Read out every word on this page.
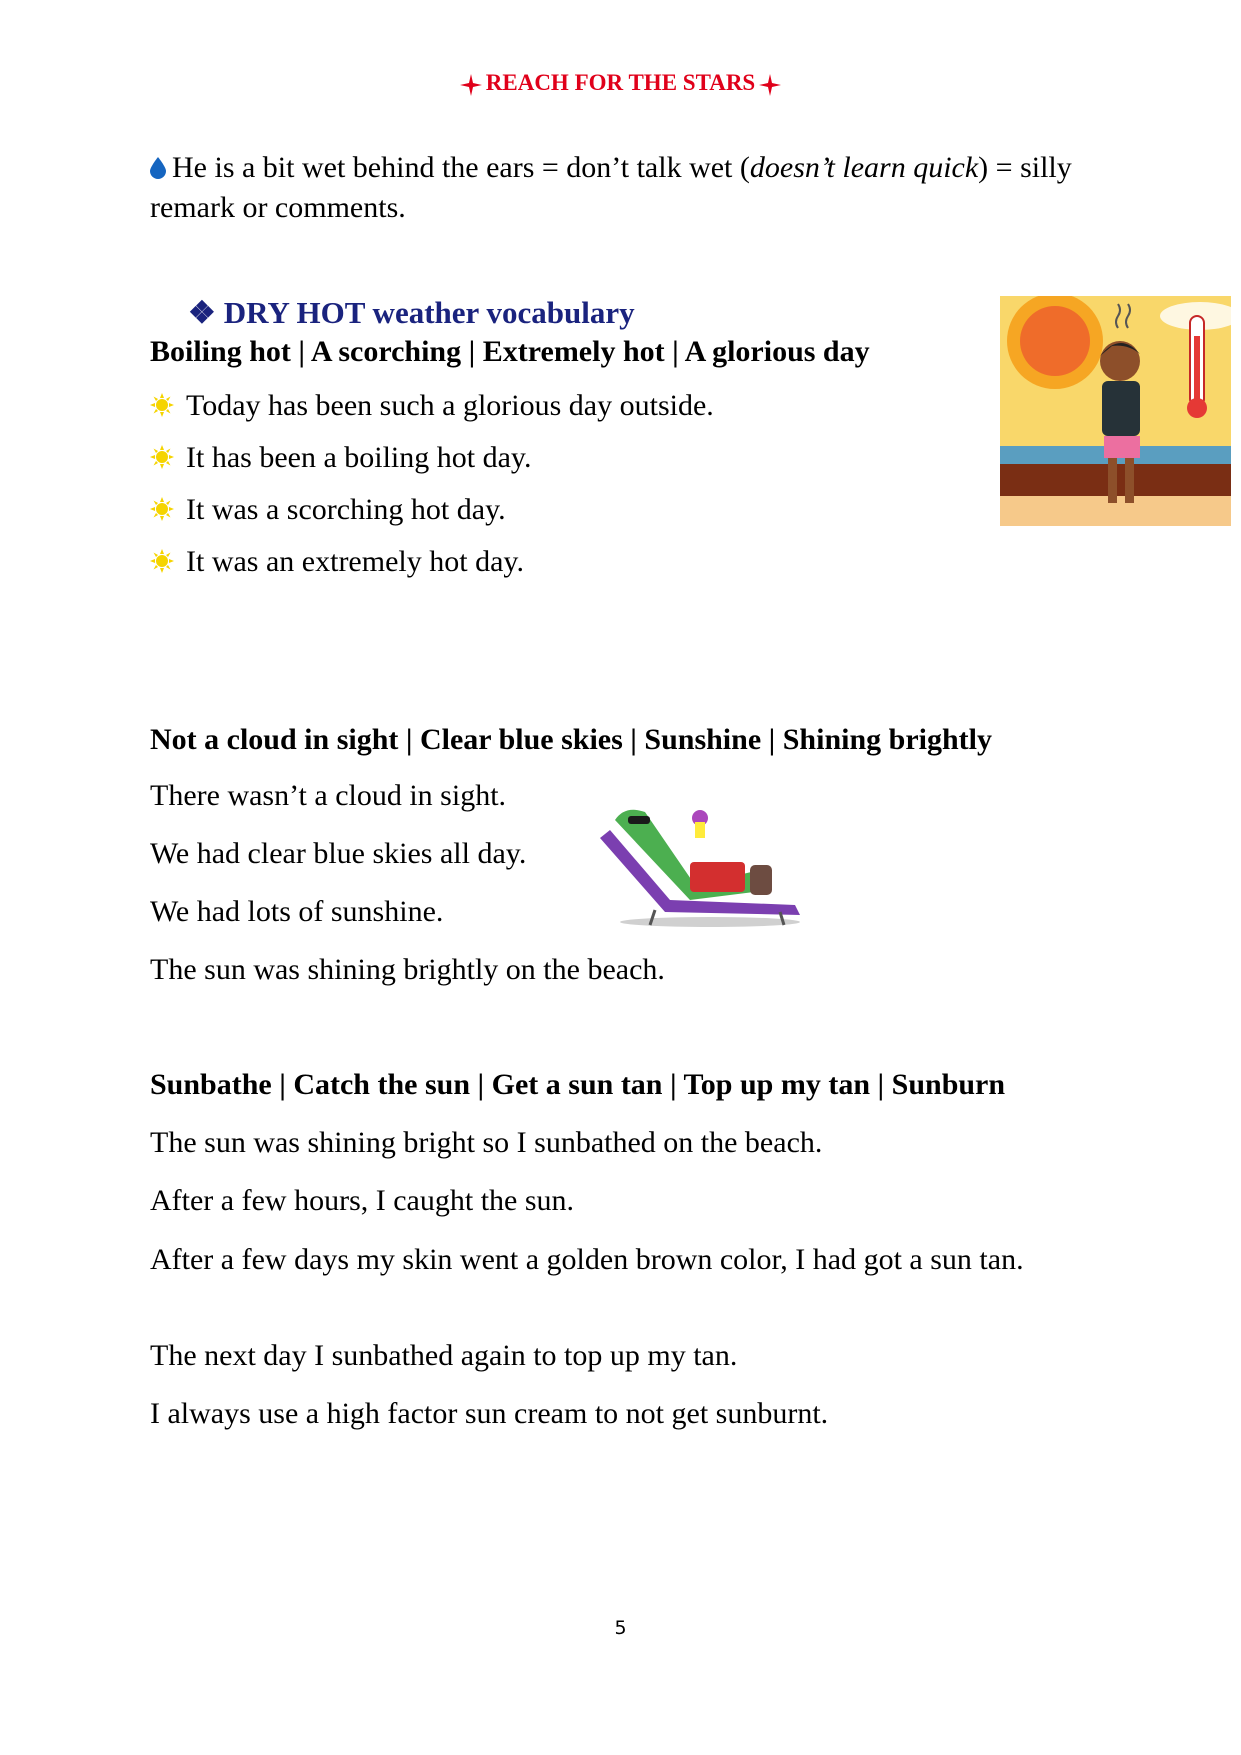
REACH FOR THE STARS
He is a bit wet behind the ears = don’t talk wet (doesn’t learn quick) = silly remark or comments.
❖ DRY HOT weather vocabulary
Boiling hot | A scorching | Extremely hot | A glorious day
Today has been such a glorious day outside.
It has been a boiling hot day.
It was a scorching hot day.
It was an extremely hot day.
Not a cloud in sight | Clear blue skies | Sunshine | Shining brightly
There wasn’t a cloud in sight.
We had clear blue skies all day.
We had lots of sunshine.
The sun was shining brightly on the beach.
Sunbathe | Catch the sun | Get a sun tan | Top up my tan | Sunburn
The sun was shining bright so I sunbathed on the beach.
After a few hours, I caught the sun.
After a few days my skin went a golden brown color, I had got a sun tan.
The next day I sunbathed again to top up my tan.
I always use a high factor sun cream to not get sunburnt.
5
